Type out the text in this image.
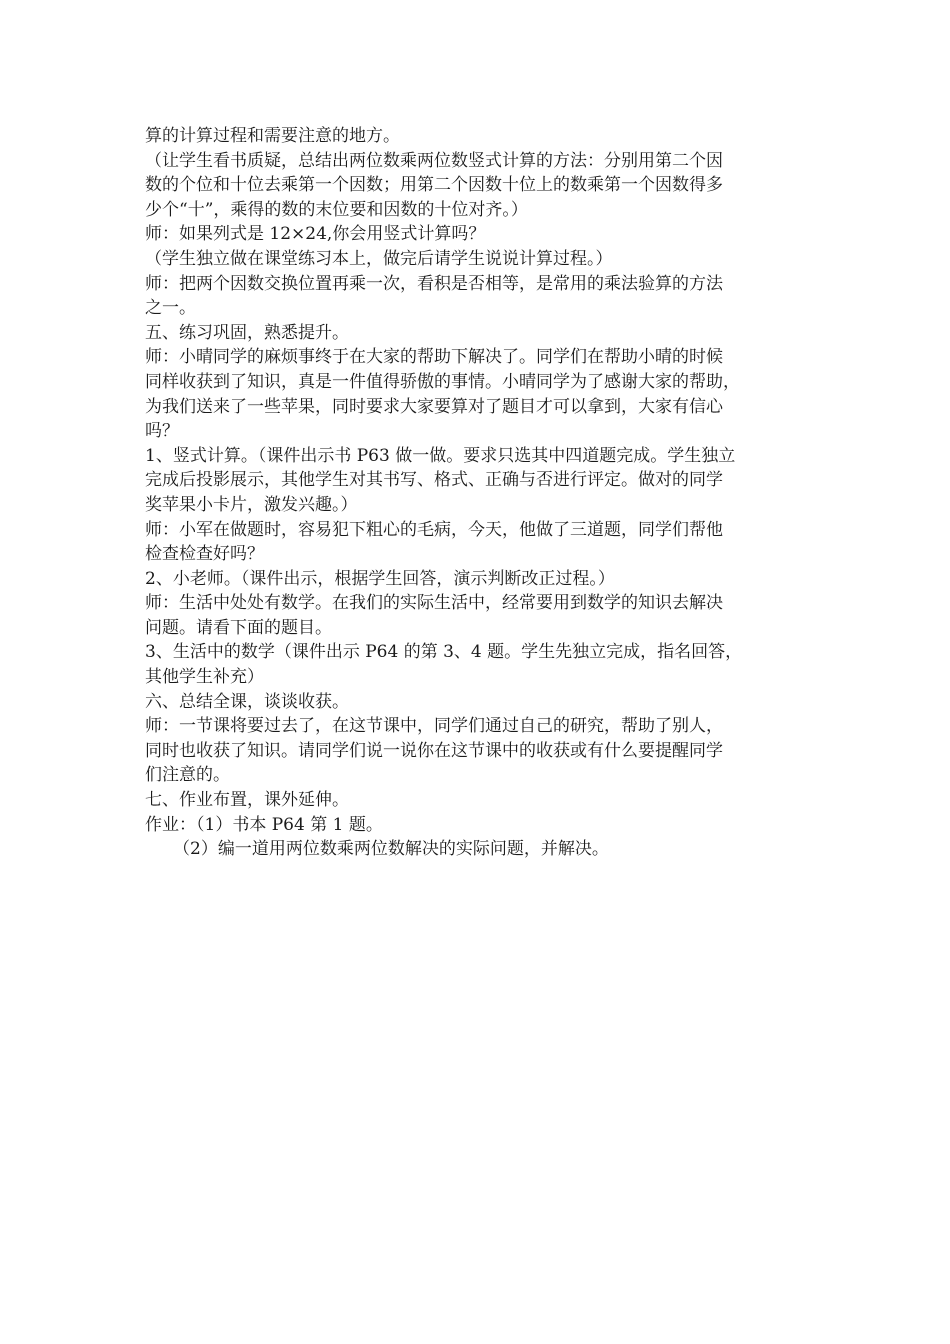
算的计算过程和需要注意的地方。

（让学生看书质疑，总结出两位数乘两位数竖式计算的方法：分别用第二个因

数的个位和十位去乘第一个因数；用第二个因数十位上的数乘第一个因数得多

少个“十”，乘得的数的末位要和因数的十位对齐。）

师：如果列式是 12×24,你会用竖式计算吗？

（学生独立做在课堂练习本上，做完后请学生说说计算过程。）

师：把两个因数交换位置再乘一次，看积是否相等，是常用的乘法验算的方法

之一。

五、练习巩固，熟悉提升。

师：小晴同学的麻烦事终于在大家的帮助下解决了。同学们在帮助小晴的时候

同样收获到了知识，真是一件值得骄傲的事情。小晴同学为了感谢大家的帮助，

为我们送来了一些苹果，同时要求大家要算对了题目才可以拿到，大家有信心

吗？

1、竖式计算。（课件出示书 P63 做一做。要求只选其中四道题完成。学生独立

完成后投影展示，其他学生对其书写、格式、正确与否进行评定。做对的同学

奖苹果小卡片，激发兴趣。）

师：小军在做题时，容易犯下粗心的毛病，今天，他做了三道题，同学们帮他

检查检查好吗？

2、小老师。（课件出示，根据学生回答，演示判断改正过程。）

师：生活中处处有数学。在我们的实际生活中，经常要用到数学的知识去解决

问题。请看下面的题目。

3、生活中的数学（课件出示 P64 的第 3、4 题。学生先独立完成，指名回答，

其他学生补充）

六、总结全课，谈谈收获。

师：一节课将要过去了，在这节课中，同学们通过自己的研究，帮助了别人，

同时也收获了知识。请同学们说一说你在这节课中的收获或有什么要提醒同学

们注意的。

七、作业布置，课外延伸。

作业：（1）书本 P64 第 1 题。

（2）编一道用两位数乘两位数解决的实际问题，并解决。
